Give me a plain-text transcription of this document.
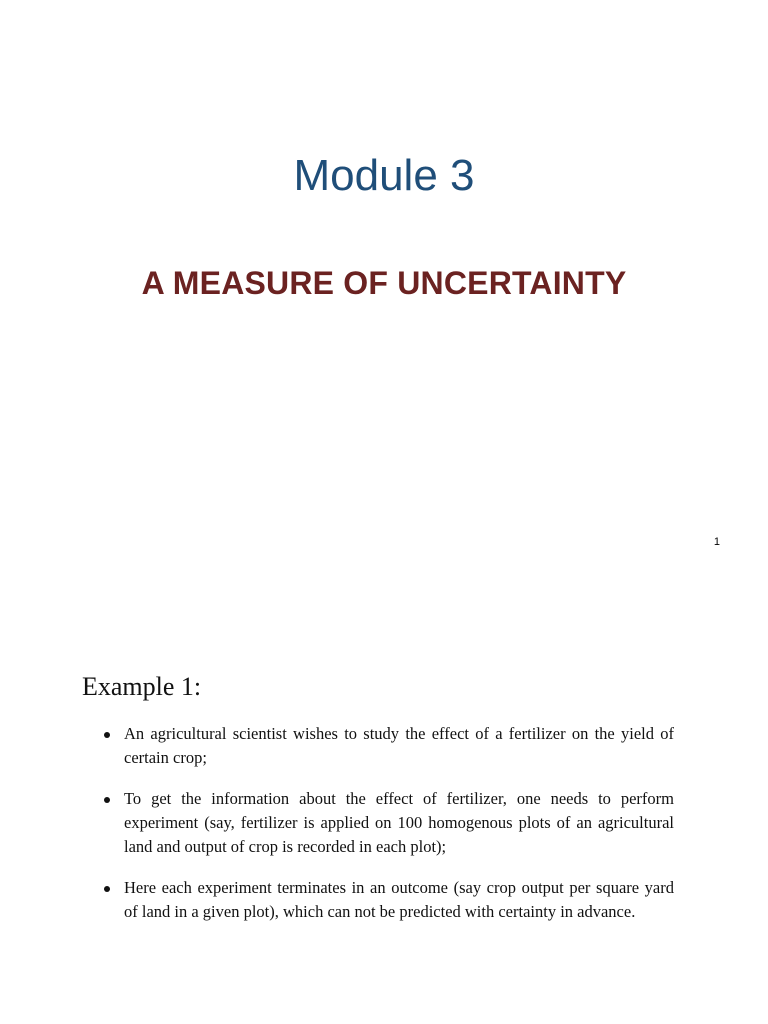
Module 3
A MEASURE OF UNCERTAINTY
1
Example 1:
An agricultural scientist wishes to study the effect of a fertilizer on the yield of certain crop;
To get the information about the effect of fertilizer, one needs to perform experiment (say, fertilizer is applied on 100 homogenous plots of an agricultural land and output of crop is recorded in each plot);
Here each experiment terminates in an outcome (say crop output per square yard of land in a given plot), which can not be predicted with certainty in advance.
